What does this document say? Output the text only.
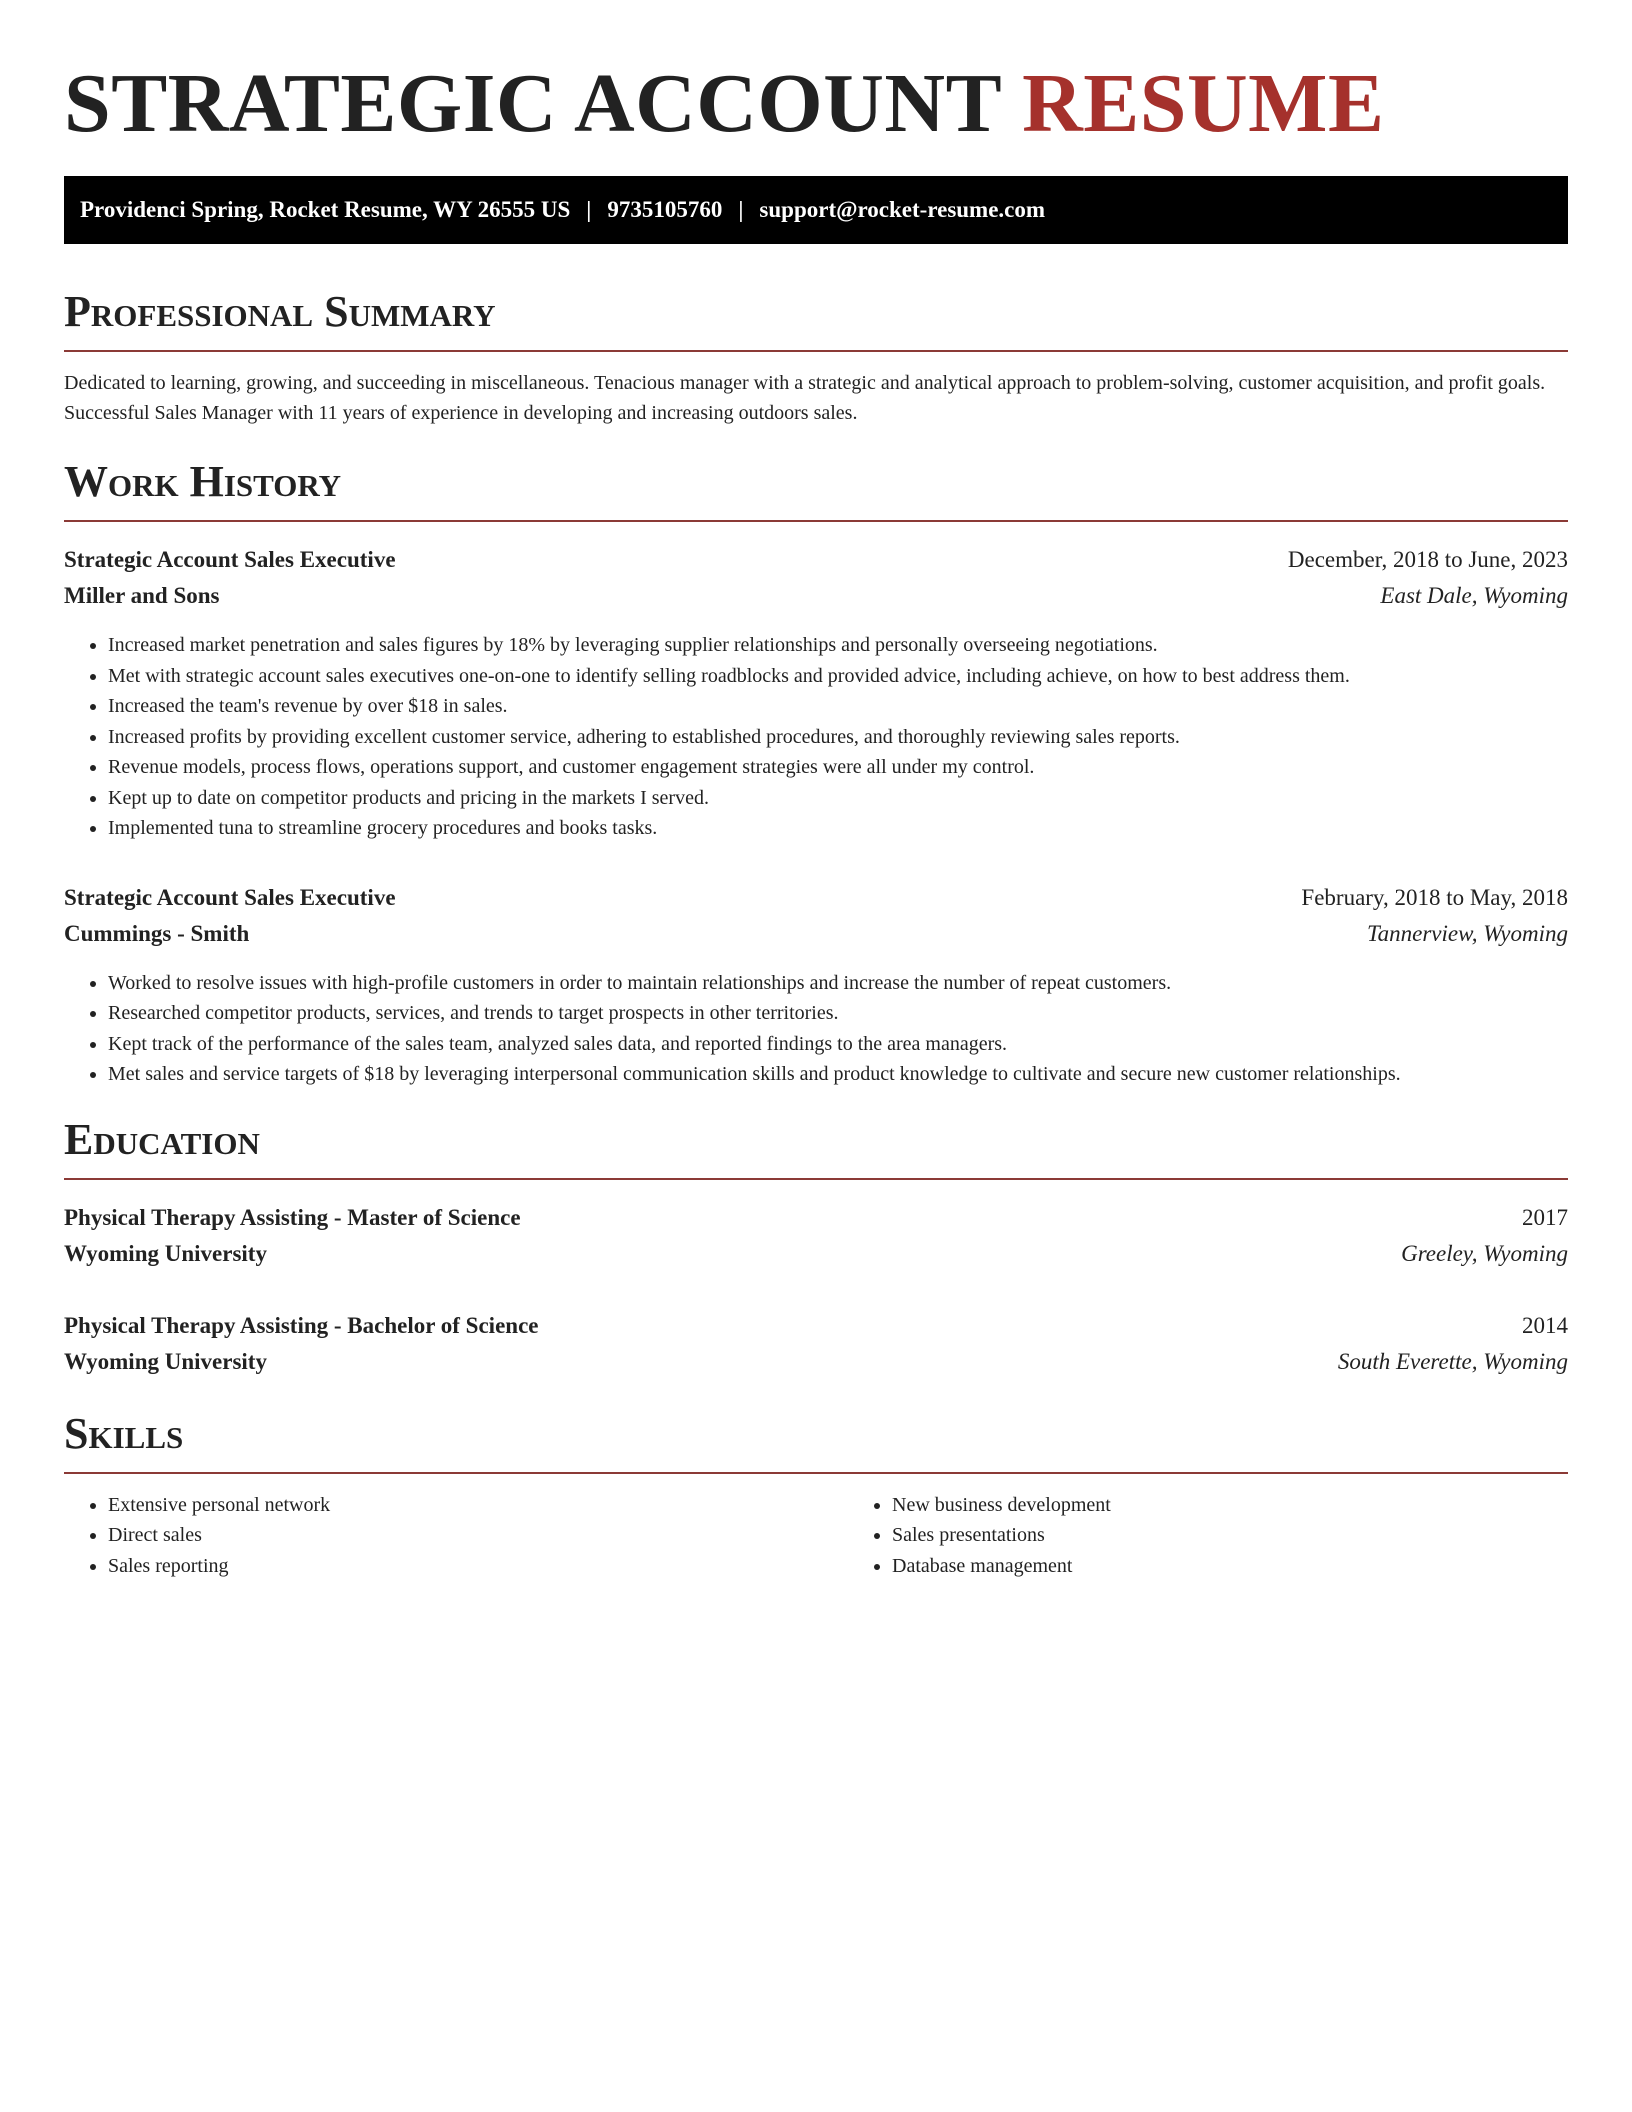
STRATEGIC ACCOUNT RESUME
Providenci Spring, Rocket Resume, WY 26555 US | 9735105760 | support@rocket-resume.com
Professional Summary

Dedicated to learning, growing, and succeeding in miscellaneous. Tenacious manager with a strategic and analytical approach to problem-solving, customer acquisition, and profit goals. Successful Sales Manager with 11 years of experience in developing and increasing outdoors sales.

Work History
Strategic Account Sales Executive	December, 2018 to June, 2023
Miller and Sons	East Dale, Wyoming
• Increased market penetration and sales figures by 18% by leveraging supplier relationships and personally overseeing negotiations.
• Met with strategic account sales executives one-on-one to identify selling roadblocks and provided advice, including achieve, on how to best address them.
• Increased the team's revenue by over $18 in sales.
• Increased profits by providing excellent customer service, adhering to established procedures, and thoroughly reviewing sales reports.
• Revenue models, process flows, operations support, and customer engagement strategies were all under my control.
• Kept up to date on competitor products and pricing in the markets I served.
• Implemented tuna to streamline grocery procedures and books tasks.
Strategic Account Sales Executive	February, 2018 to May, 2018
Cummings - Smith	Tannerview, Wyoming
• Worked to resolve issues with high-profile customers in order to maintain relationships and increase the number of repeat customers.
• Researched competitor products, services, and trends to target prospects in other territories.
• Kept track of the performance of the sales team, analyzed sales data, and reported findings to the area managers.
• Met sales and service targets of $18 by leveraging interpersonal communication skills and product knowledge to cultivate and secure new customer relationships.
Education
Physical Therapy Assisting - Master of Science	2017
Wyoming University	Greeley, Wyoming
Physical Therapy Assisting - Bachelor of Science	2014
Wyoming University	South Everette, Wyoming
Skills
• Extensive personal network
• Direct sales
• Sales reporting
• New business development
• Sales presentations
• Database management
